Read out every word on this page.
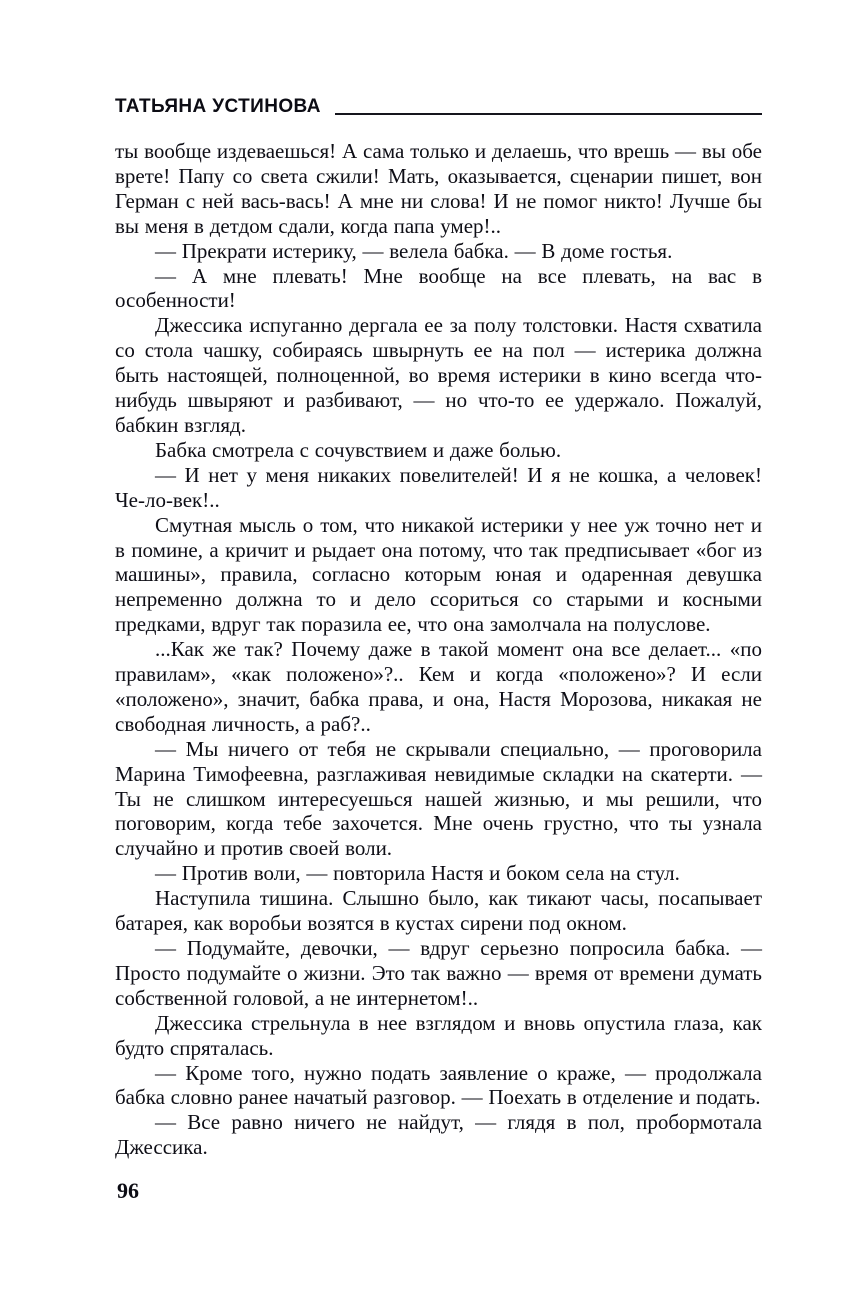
ТАТЬЯНА УСТИНОВА

ты вообще издеваешься! А сама только и делаешь, что врешь — вы обе врете! Папу со света сжили! Мать, оказывается, сценарии пишет, вон Герман с ней вась-вась! А мне ни слова! И не помог никто! Лучше бы вы меня в детдом сдали, когда папа умер!..

— Прекрати истерику, — велела бабка. — В доме гостья.

— А мне плевать! Мне вообще на все плевать, на вас в особенности!

Джессика испуганно дергала ее за полу толстовки. Настя схватила со стола чашку, собираясь швырнуть ее на пол — истерика должна быть настоящей, полноценной, во время истерики в кино всегда что-нибудь швыряют и разбивают, — но что-то ее удержало. Пожалуй, бабкин взгляд.

Бабка смотрела с сочувствием и даже болью.

— И нет у меня никаких повелителей! И я не кошка, а человек! Че-ло-век!..

Смутная мысль о том, что никакой истерики у нее уж точно нет и в помине, а кричит и рыдает она потому, что так предписывает «бог из машины», правила, согласно которым юная и одаренная девушка непременно должна то и дело ссориться со старыми и косными предками, вдруг так поразила ее, что она замолчала на полуслове.

...Как же так? Почему даже в такой момент она все делает... «по правилам», «как положено»?.. Кем и когда «положено»? И если «положено», значит, бабка права, и она, Настя Морозова, никакая не свободная личность, а раб?..

— Мы ничего от тебя не скрывали специально, — проговорила Марина Тимофеевна, разглаживая невидимые складки на скатерти. — Ты не слишком интересуешься нашей жизнью, и мы решили, что поговорим, когда тебе захочется. Мне очень грустно, что ты узнала случайно и против своей воли.

— Против воли, — повторила Настя и боком села на стул.

Наступила тишина. Слышно было, как тикают часы, посапывает батарея, как воробьи возятся в кустах сирени под окном.

— Подумайте, девочки, — вдруг серьезно попросила бабка. — Просто подумайте о жизни. Это так важно — время от времени думать собственной головой, а не интернетом!..

Джессика стрельнула в нее взглядом и вновь опустила глаза, как будто спряталась.

— Кроме того, нужно подать заявление о краже, — продолжала бабка словно ранее начатый разговор. — Поехать в отделение и подать.

— Все равно ничего не найдут, — глядя в пол, пробормотала Джессика.

96
